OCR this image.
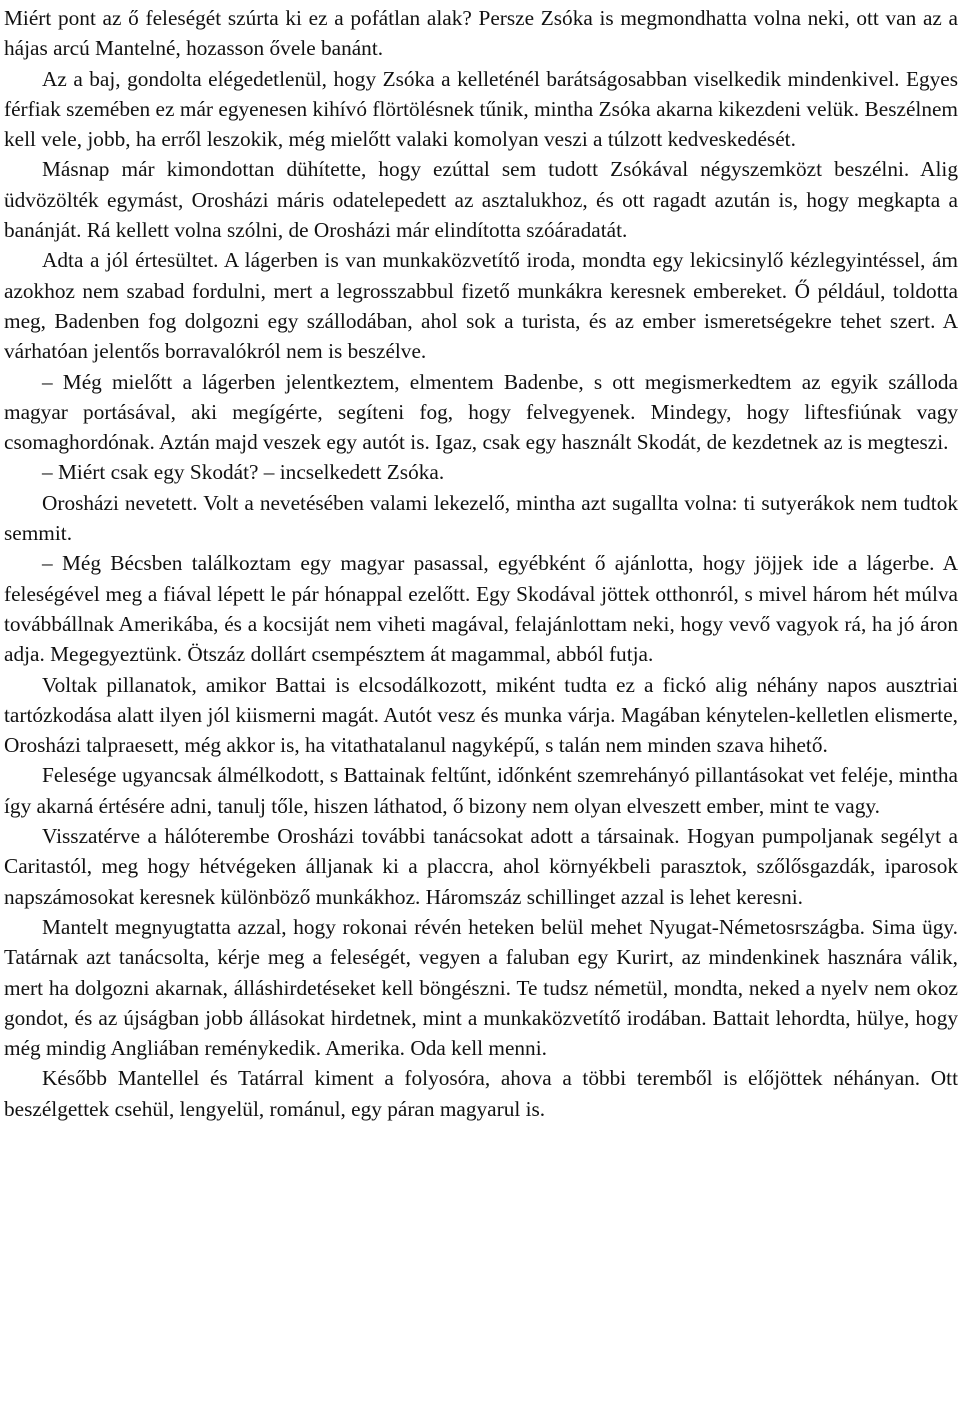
Miért pont az ő feleségét szúrta ki ez a pofátlan alak? Persze Zsóka is megmondhatta volna neki, ott van az a hájas arcú Mantelné, hozasson ővele banánt.

Az a baj, gondolta elégedetlenül, hogy Zsóka a kelleténél barátságosabban viselkedik mindenkivel. Egyes férfiak szemében ez már egyenesen kihívó flörtölésnek tűnik, mintha Zsóka akarna kikezdeni velük. Beszélnem kell vele, jobb, ha erről leszokik, még mielőtt valaki komolyan veszi a túlzott kedveskedését.

Másnap már kimondottan dühítette, hogy ezúttal sem tudott Zsókával négyszemközt beszélni. Alig üdvözölték egymást, Orosházi máris odatelepedett az asztalukhoz, és ott ragadt azután is, hogy megkapta a banánját. Rá kellett volna szólni, de Orosházi már elindította szóáradatát.

Adta a jól értesültet. A lágerben is van munkaközvetítő iroda, mondta egy lekicsinylő kézlegyintéssel, ám azokhoz nem szabad fordulni, mert a legrosszabbul fizető munkákra keresnek embereket. Ő például, toldotta meg, Badenben fog dolgozni egy szállodában, ahol sok a turista, és az ember ismeretségekre tehet szert. A várhatóan jelentős borravalókról nem is beszélve.

– Még mielőtt a lágerben jelentkeztem, elmentem Badenbe, s ott megismerkedtem az egyik szálloda magyar portásával, aki megígérte, segíteni fog, hogy felvegyenek. Mindegy, hogy liftesfiúnak vagy csomaghordónak. Aztán majd veszek egy autót is. Igaz, csak egy használt Skodát, de kezdetnek az is megteszi.

– Miért csak egy Skodát? – incselkedett Zsóka.

Orosházi nevetett. Volt a nevetésében valami lekezelő, mintha azt sugallta volna: ti sutyerákok nem tudtok semmit.

– Még Bécsben találkoztam egy magyar pasassal, egyébként ő ajánlotta, hogy jöjjek ide a lágerbe. A feleségével meg a fiával lépett le pár hónappal ezelőtt. Egy Skodával jöttek otthonról, s mivel három hét múlva továbbállnak Amerikába, és a kocsiját nem viheti magával, felajánlottam neki, hogy vevő vagyok rá, ha jó áron adja. Megegyeztünk. Ötszáz dollárt csempésztem át magammal, abból futja.

Voltak pillanatok, amikor Battai is elcsodálkozott, miként tudta ez a fickó alig néhány napos ausztriai tartózkodása alatt ilyen jól kiismerni magát. Autót vesz és munka várja. Magában kénytelen-kelletlen elismerte, Orosházi talpraesett, még akkor is, ha vitathatalanul nagyképű, s talán nem minden szava hihető.

Felesége ugyancsak álmélkodott, s Battainak feltűnt, időnként szemrehányó pillantásokat vet feléje, mintha így akarná értésére adni, tanulj tőle, hiszen láthatod, ő bizony nem olyan elveszett ember, mint te vagy.

Visszatérve a hálóterembe Orosházi további tanácsokat adott a társainak. Hogyan pumpoljanak segélyt a Caritastól, meg hogy hétvégeken álljanak ki a placcra, ahol környékbeli parasztok, szőlősgazdák, iparosok napszámosokat keresnek különböző munkákhoz. Háromszáz schillinget azzal is lehet keresni.

Mantelt megnyugtatta azzal, hogy rokonai révén heteken belül mehet Nyugat-Németosrszágba. Sima ügy. Tatárnak azt tanácsolta, kérje meg a feleségét, vegyen a faluban egy Kurirt, az mindenkinek hasznára válik, mert ha dolgozni akarnak, álláshirdetéseket kell böngészni. Te tudsz németül, mondta, neked a nyelv nem okoz gondot, és az újságban jobb állásokat hirdetnek, mint a munkaközvetítő irodában. Battait lehordta, hülye, hogy még mindig Angliában reménykedik. Amerika. Oda kell menni.

Később Mantellel és Tatárral kiment a folyosóra, ahova a többi teremből is előjöttek néhányan. Ott beszélgettek csehül, lengyelül, románul, egy páran magyarul is.
